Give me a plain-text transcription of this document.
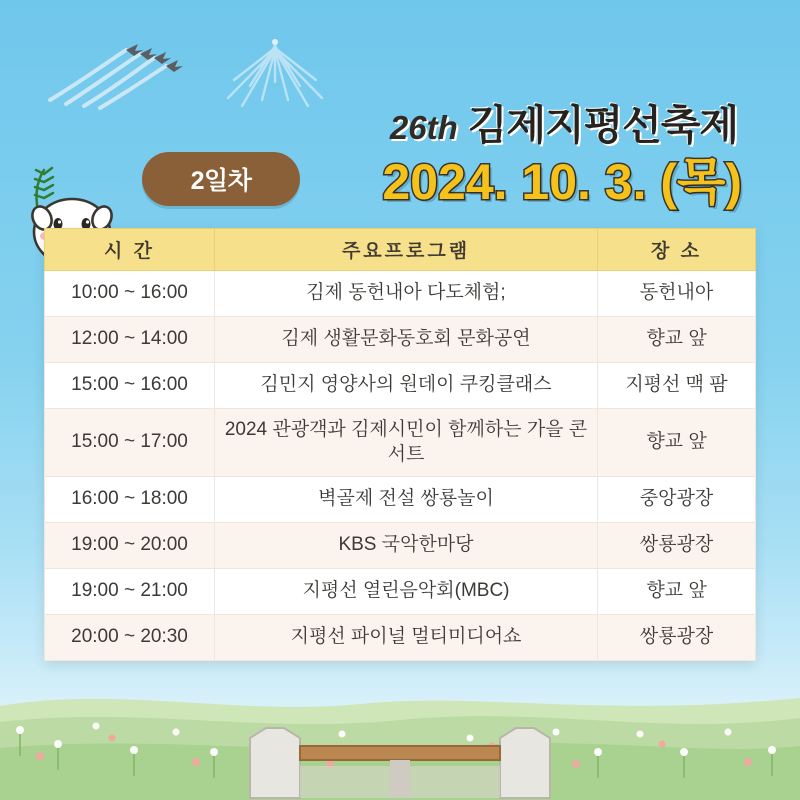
26th 김제지평선축제
2일차	2024. 10. 3. (목)
시 간	주요프로그램	장 소
10:00 ~ 16:00	김제 동헌내아 다도체험;	동헌내아
12:00 ~ 14:00	김제 생활문화동호회 문화공연	향교 앞
15:00 ~ 16:00	김민지 영양사의 원데이 쿠킹클래스	지평선 맥 팜
15:00 ~ 17:00	2024 관광객과 김제시민이 함께하는 가을 콘서트	향교 앞
16:00 ~ 18:00	벽골제 전설 쌍룡놀이	중앙광장
19:00 ~ 20:00	KBS 국악한마당	쌍룡광장
19:00 ~ 21:00	지평선 열린음악회(MBC)	향교 앞
20:00 ~ 20:30	지평선 파이널 멀티미디어쇼	쌍룡광장
